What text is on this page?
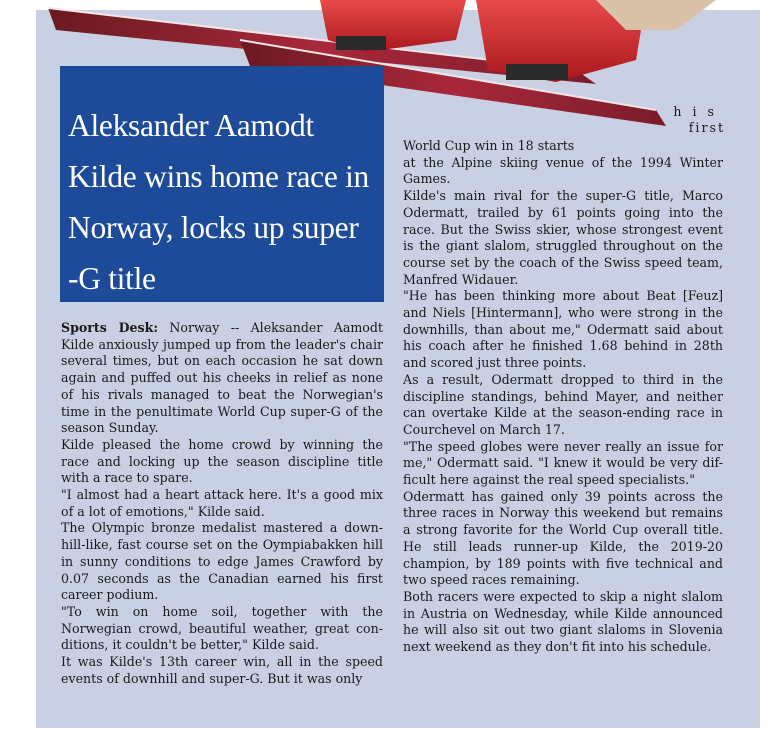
Aleksander Aamodt Kilde wins home race in Norway, locks up super -G title
his
first

Sports Desk: Norway -- Aleksander Aamodt Kilde anxiously jumped up from the leader's chair several times, but on each occasion he sat down again and puffed out his cheeks in relief as none of his rivals managed to beat the Norwegian's time in the penultimate World Cup super-G of the season Sunday.

Kilde pleased the home crowd by winning the race and locking up the season discipline title with a race to spare.

"I almost had a heart attack here. It's a good mix of a lot of emotions," Kilde said.

The Olympic bronze medalist mastered a down-hill-like, fast course set on the Oympiabakken hill in sunny conditions to edge James Crawford by 0.07 seconds as the Canadian earned his first career podium.

"To win on home soil, together with the Norwegian crowd, beautiful weather, great con-ditions, it couldn't be better," Kilde said.

It was Kilde's 13th career win, all in the speed events of downhill and super-G. But it was only

World Cup win in 18 starts

at the Alpine skiing venue of the 1994 Winter Games.

Kilde's main rival for the super-G title, Marco Odermatt, trailed by 61 points going into the race. But the Swiss skier, whose strongest event is the giant slalom, struggled throughout on the course set by the coach of the Swiss speed team, Manfred Widauer.

"He has been thinking more about Beat [Feuz] and Niels [Hintermann], who were strong in the downhills, than about me," Odermatt said about his coach after he finished 1.68 behind in 28th and scored just three points.

As a result, Odermatt dropped to third in the discipline standings, behind Mayer, and neither can overtake Kilde at the season-ending race in Courchevel on March 17.

"The speed globes were never really an issue for me," Odermatt said. "I knew it would be very dif-ficult here against the real speed specialists."

Odermatt has gained only 39 points across the three races in Norway this weekend but remains a strong favorite for the World Cup overall title. He still leads runner-up Kilde, the 2019-20 champion, by 189 points with five technical and two speed races remaining.

Both racers were expected to skip a night slalom in Austria on Wednesday, while Kilde announced he will also sit out two giant slaloms in Slovenia next weekend as they don't fit into his schedule.
